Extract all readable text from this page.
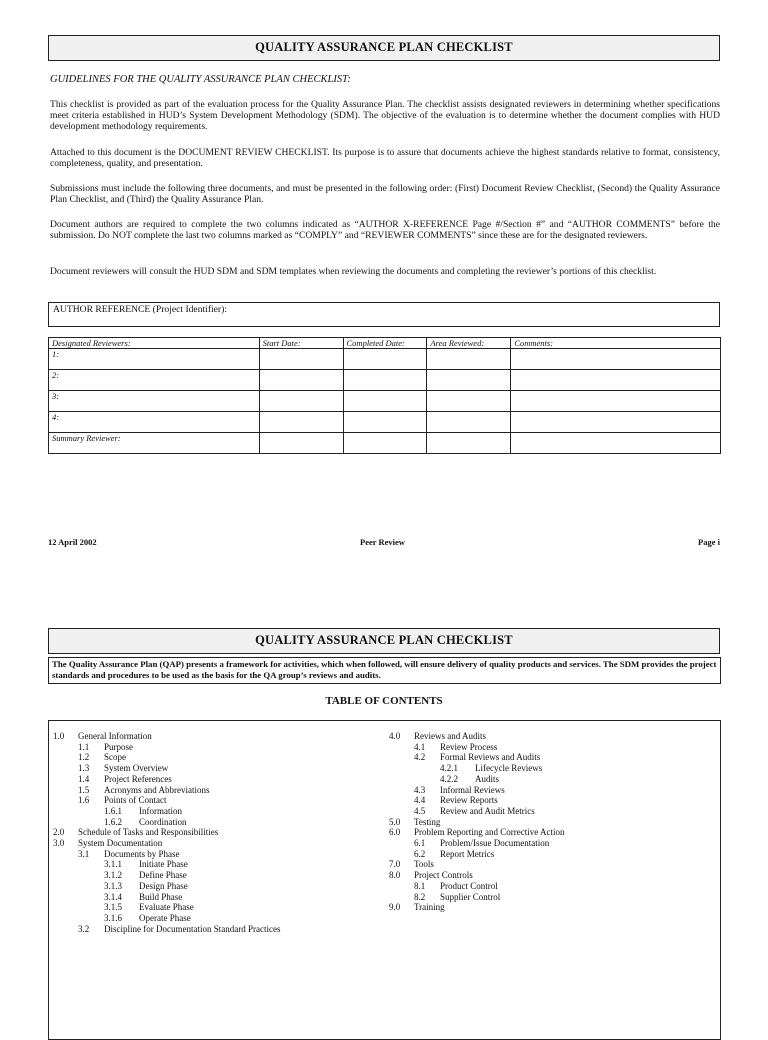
QUALITY ASSURANCE PLAN CHECKLIST
GUIDELINES FOR THE QUALITY ASSURANCE PLAN CHECKLIST:
This checklist is provided as part of the evaluation process for the Quality Assurance Plan. The checklist assists designated reviewers in determining whether specifications meet criteria established in HUD’s System Development Methodology (SDM). The objective of the evaluation is to determine whether the document complies with HUD development methodology requirements.
Attached to this document is the DOCUMENT REVIEW CHECKLIST. Its purpose is to assure that documents achieve the highest standards relative to format, consistency, completeness, quality, and presentation.
Submissions must include the following three documents, and must be presented in the following order: (First) Document Review Checklist, (Second) the Quality Assurance Plan Checklist, and (Third) the Quality Assurance Plan.
Document authors are required to complete the two columns indicated as “AUTHOR X-REFERENCE Page #/Section #” and “AUTHOR COMMENTS” before the submission. Do NOT complete the last two columns marked as “COMPLY” and “REVIEWER COMMENTS” since these are for the designated reviewers.
Document reviewers will consult the HUD SDM and SDM templates when reviewing the documents and completing the reviewer’s portions of this checklist.
AUTHOR REFERENCE (Project Identifier):
Designated Reviewers:	Start Date:	Completed Date:	Area Reviewed:	Comments:
1:				
2:				
3:				
4:				
Summary Reviewer:				
12 April 2002	Peer Review	Page i
QUALITY ASSURANCE PLAN CHECKLIST
The Quality Assurance Plan (QAP) presents a framework for activities, which when followed, will ensure delivery of quality products and services. The SDM provides the project standards and procedures to be used as the basis for the QA group’s reviews and audits.
TABLE OF CONTENTS
1.0 General Information
1.1 Purpose
1.2 Scope
1.3 System Overview
1.4 Project References
1.5 Acronyms and Abbreviations
1.6 Points of Contact
1.6.1 Information
1.6.2 Coordination
2.0 Schedule of Tasks and Responsibilities
3.0 System Documentation
3.1 Documents by Phase
3.1.1 Initiate Phase
3.1.2 Define Phase
3.1.3 Design Phase
3.1.4 Build Phase
3.1.5 Evaluate Phase
3.1.6 Operate Phase
3.2 Discipline for Documentation Standard Practices
4.0 Reviews and Audits
4.1 Review Process
4.2 Formal Reviews and Audits
4.2.1 Lifecycle Reviews
4.2.2 Audits
4.3 Informal Reviews
4.4 Review Reports
4.5 Review and Audit Metrics
5.0 Testing
6.0 Problem Reporting and Corrective Action
6.1 Problem/Issue Documentation
6.2 Report Metrics
7.0 Tools
8.0 Project Controls
8.1 Product Control
8.2 Supplier Control
9.0 Training
